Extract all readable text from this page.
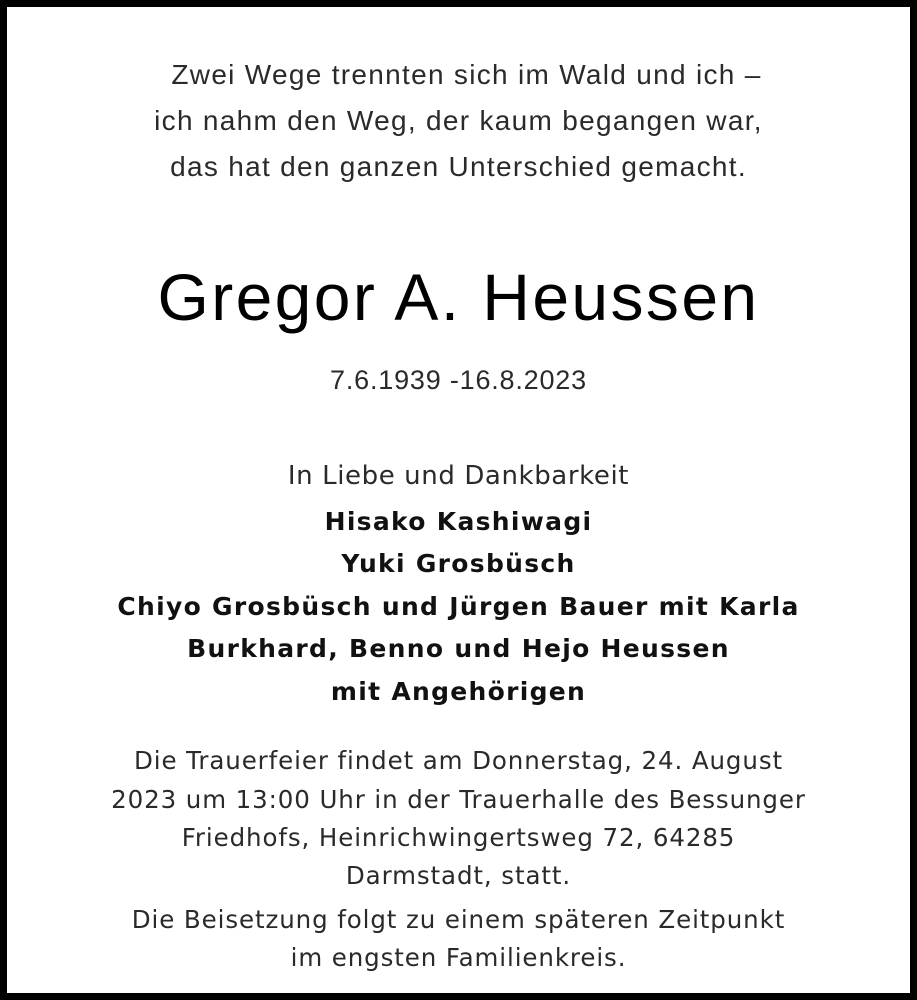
Zwei Wege trennten sich im Wald und ich –

ich nahm den Weg, der kaum begangen war,

das hat den ganzen Unterschied gemacht.

Gregor A. Heussen

7.6.1939 -16.8.2023

In Liebe und Dankbarkeit

Hisako Kashiwagi

Yuki Grosbüsch

Chiyo Grosbüsch und Jürgen Bauer mit Karla

Burkhard, Benno und Hejo Heussen

mit Angehörigen

Die Trauerfeier findet am Donnerstag, 24. August

2023 um 13:00 Uhr in der Trauerhalle des Bessunger

Friedhofs, Heinrichwingertsweg 72, 64285

Darmstadt, statt.

Die Beisetzung folgt zu einem späteren Zeitpunkt

im engsten Familienkreis.
